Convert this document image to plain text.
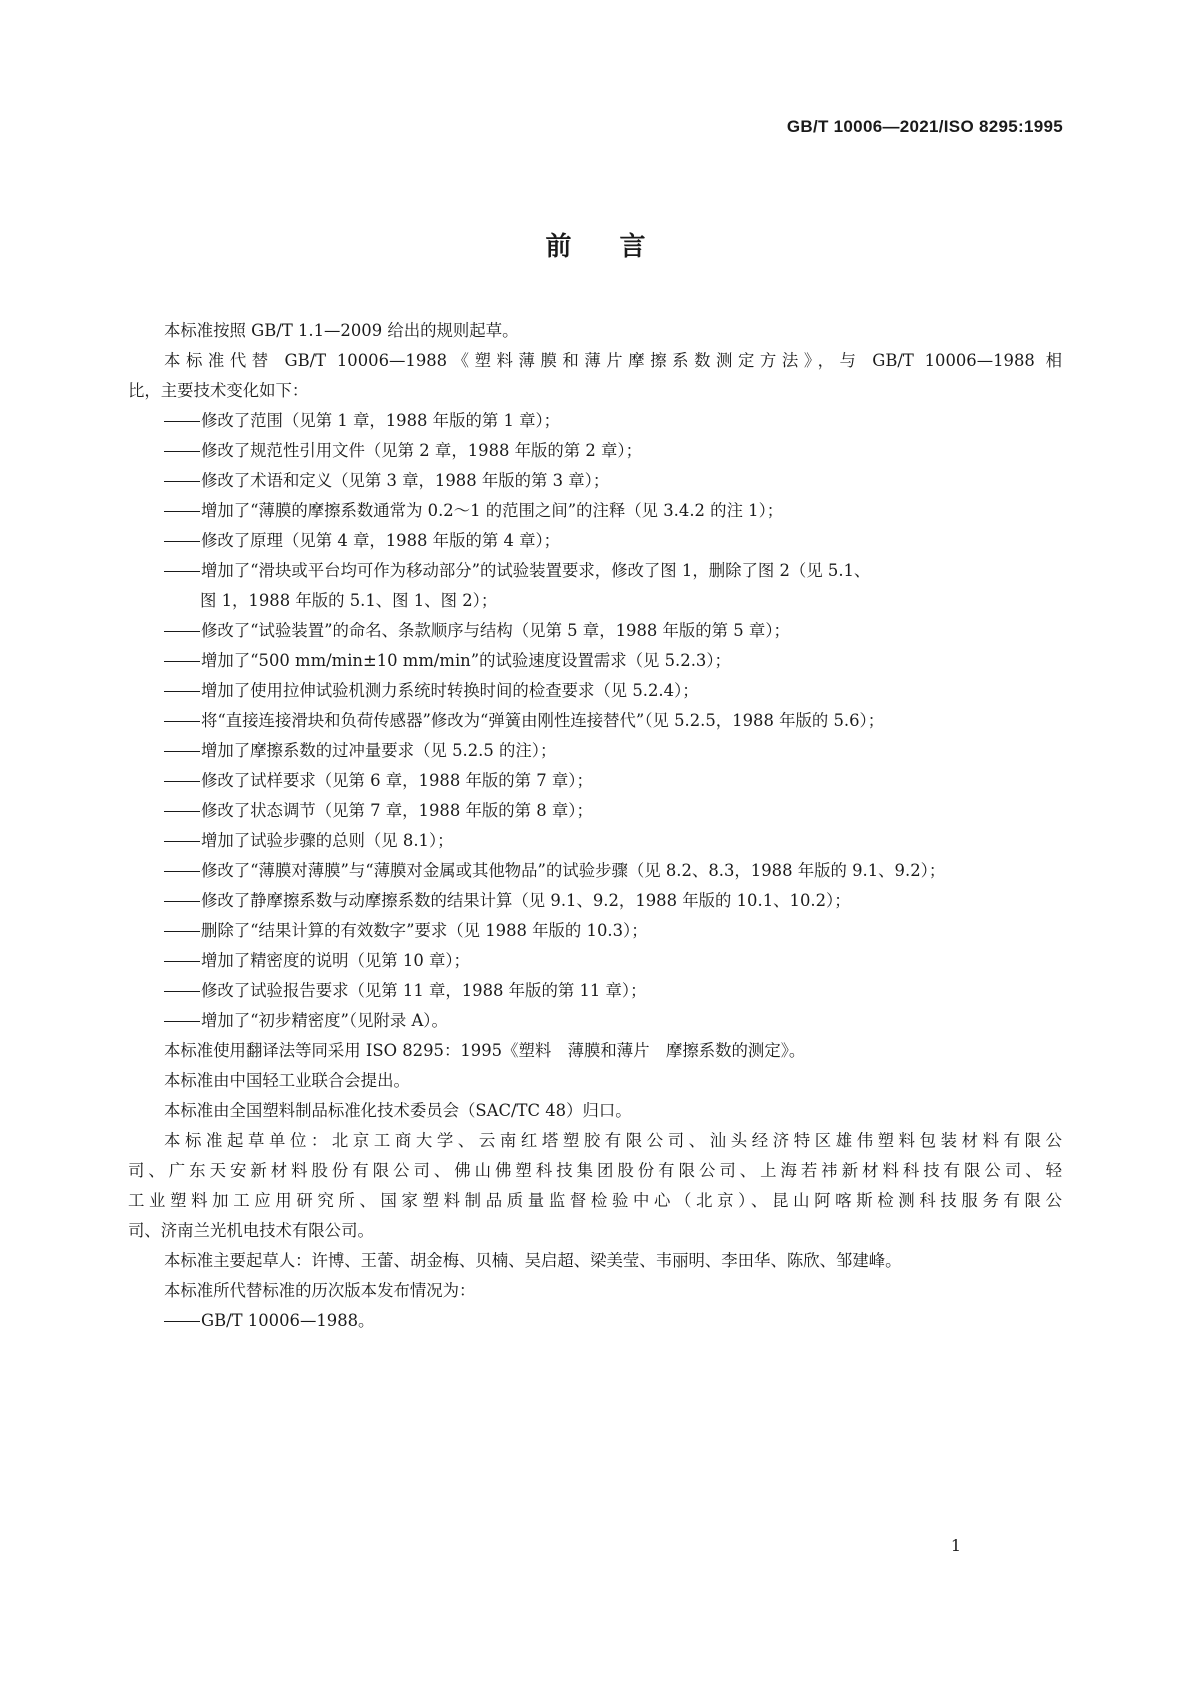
GB/T 10006—2021/ISO 8295:1995
前言
本标准按照 GB/T 1.1—2009 给出的规则起草。
本标准代替 GB/T 10006—1988《塑料薄膜和薄片摩擦系数测定方法》，与 GB/T 10006—1988 相
比，主要技术变化如下：
修改了范围（见第 1 章，1988 年版的第 1 章）；
修改了规范性引用文件（见第 2 章，1988 年版的第 2 章）；
修改了术语和定义（见第 3 章，1988 年版的第 3 章）；
增加了“薄膜的摩擦系数通常为 0.2～1 的范围之间”的注释（见 3.4.2 的注 1）；
修改了原理（见第 4 章，1988 年版的第 4 章）；
增加了“滑块或平台均可作为移动部分”的试验装置要求，修改了图 1，删除了图 2（见 5.1、
图 1，1988 年版的 5.1、图 1、图 2）；
修改了“试验装置”的命名、条款顺序与结构（见第 5 章，1988 年版的第 5 章）；
增加了“500 mm/min±10 mm/min”的试验速度设置需求（见 5.2.3）；
增加了使用拉伸试验机测力系统时转换时间的检查要求（见 5.2.4）；
将“直接连接滑块和负荷传感器”修改为“弹簧由刚性连接替代”（见 5.2.5，1988 年版的 5.6）；
增加了摩擦系数的过冲量要求（见 5.2.5 的注）；
修改了试样要求（见第 6 章，1988 年版的第 7 章）；
修改了状态调节（见第 7 章，1988 年版的第 8 章）；
增加了试验步骤的总则（见 8.1）；
修改了“薄膜对薄膜”与“薄膜对金属或其他物品”的试验步骤（见 8.2、8.3，1988 年版的 9.1、9.2）；
修改了静摩擦系数与动摩擦系数的结果计算（见 9.1、9.2，1988 年版的 10.1、10.2）；
删除了“结果计算的有效数字”要求（见 1988 年版的 10.3）；
增加了精密度的说明（见第 10 章）；
修改了试验报告要求（见第 11 章，1988 年版的第 11 章）；
增加了“初步精密度”（见附录 A）。
本标准使用翻译法等同采用 ISO 8295：1995《塑料　薄膜和薄片　摩擦系数的测定》。
本标准由中国轻工业联合会提出。
本标准由全国塑料制品标准化技术委员会（SAC/TC 48）归口。
本标准起草单位：北京工商大学、云南红塔塑胶有限公司、汕头经济特区雄伟塑料包装材料有限公
司、广东天安新材料股份有限公司、佛山佛塑科技集团股份有限公司、上海若祎新材料科技有限公司、轻
工业塑料加工应用研究所、国家塑料制品质量监督检验中心（北京）、昆山阿喀斯检测科技服务有限公
司、济南兰光机电技术有限公司。
本标准主要起草人：许博、王蕾、胡金梅、贝楠、吴启超、梁美莹、韦丽明、李田华、陈欣、邹建峰。
本标准所代替标准的历次版本发布情况为：
GB/T 10006—1988。
1
